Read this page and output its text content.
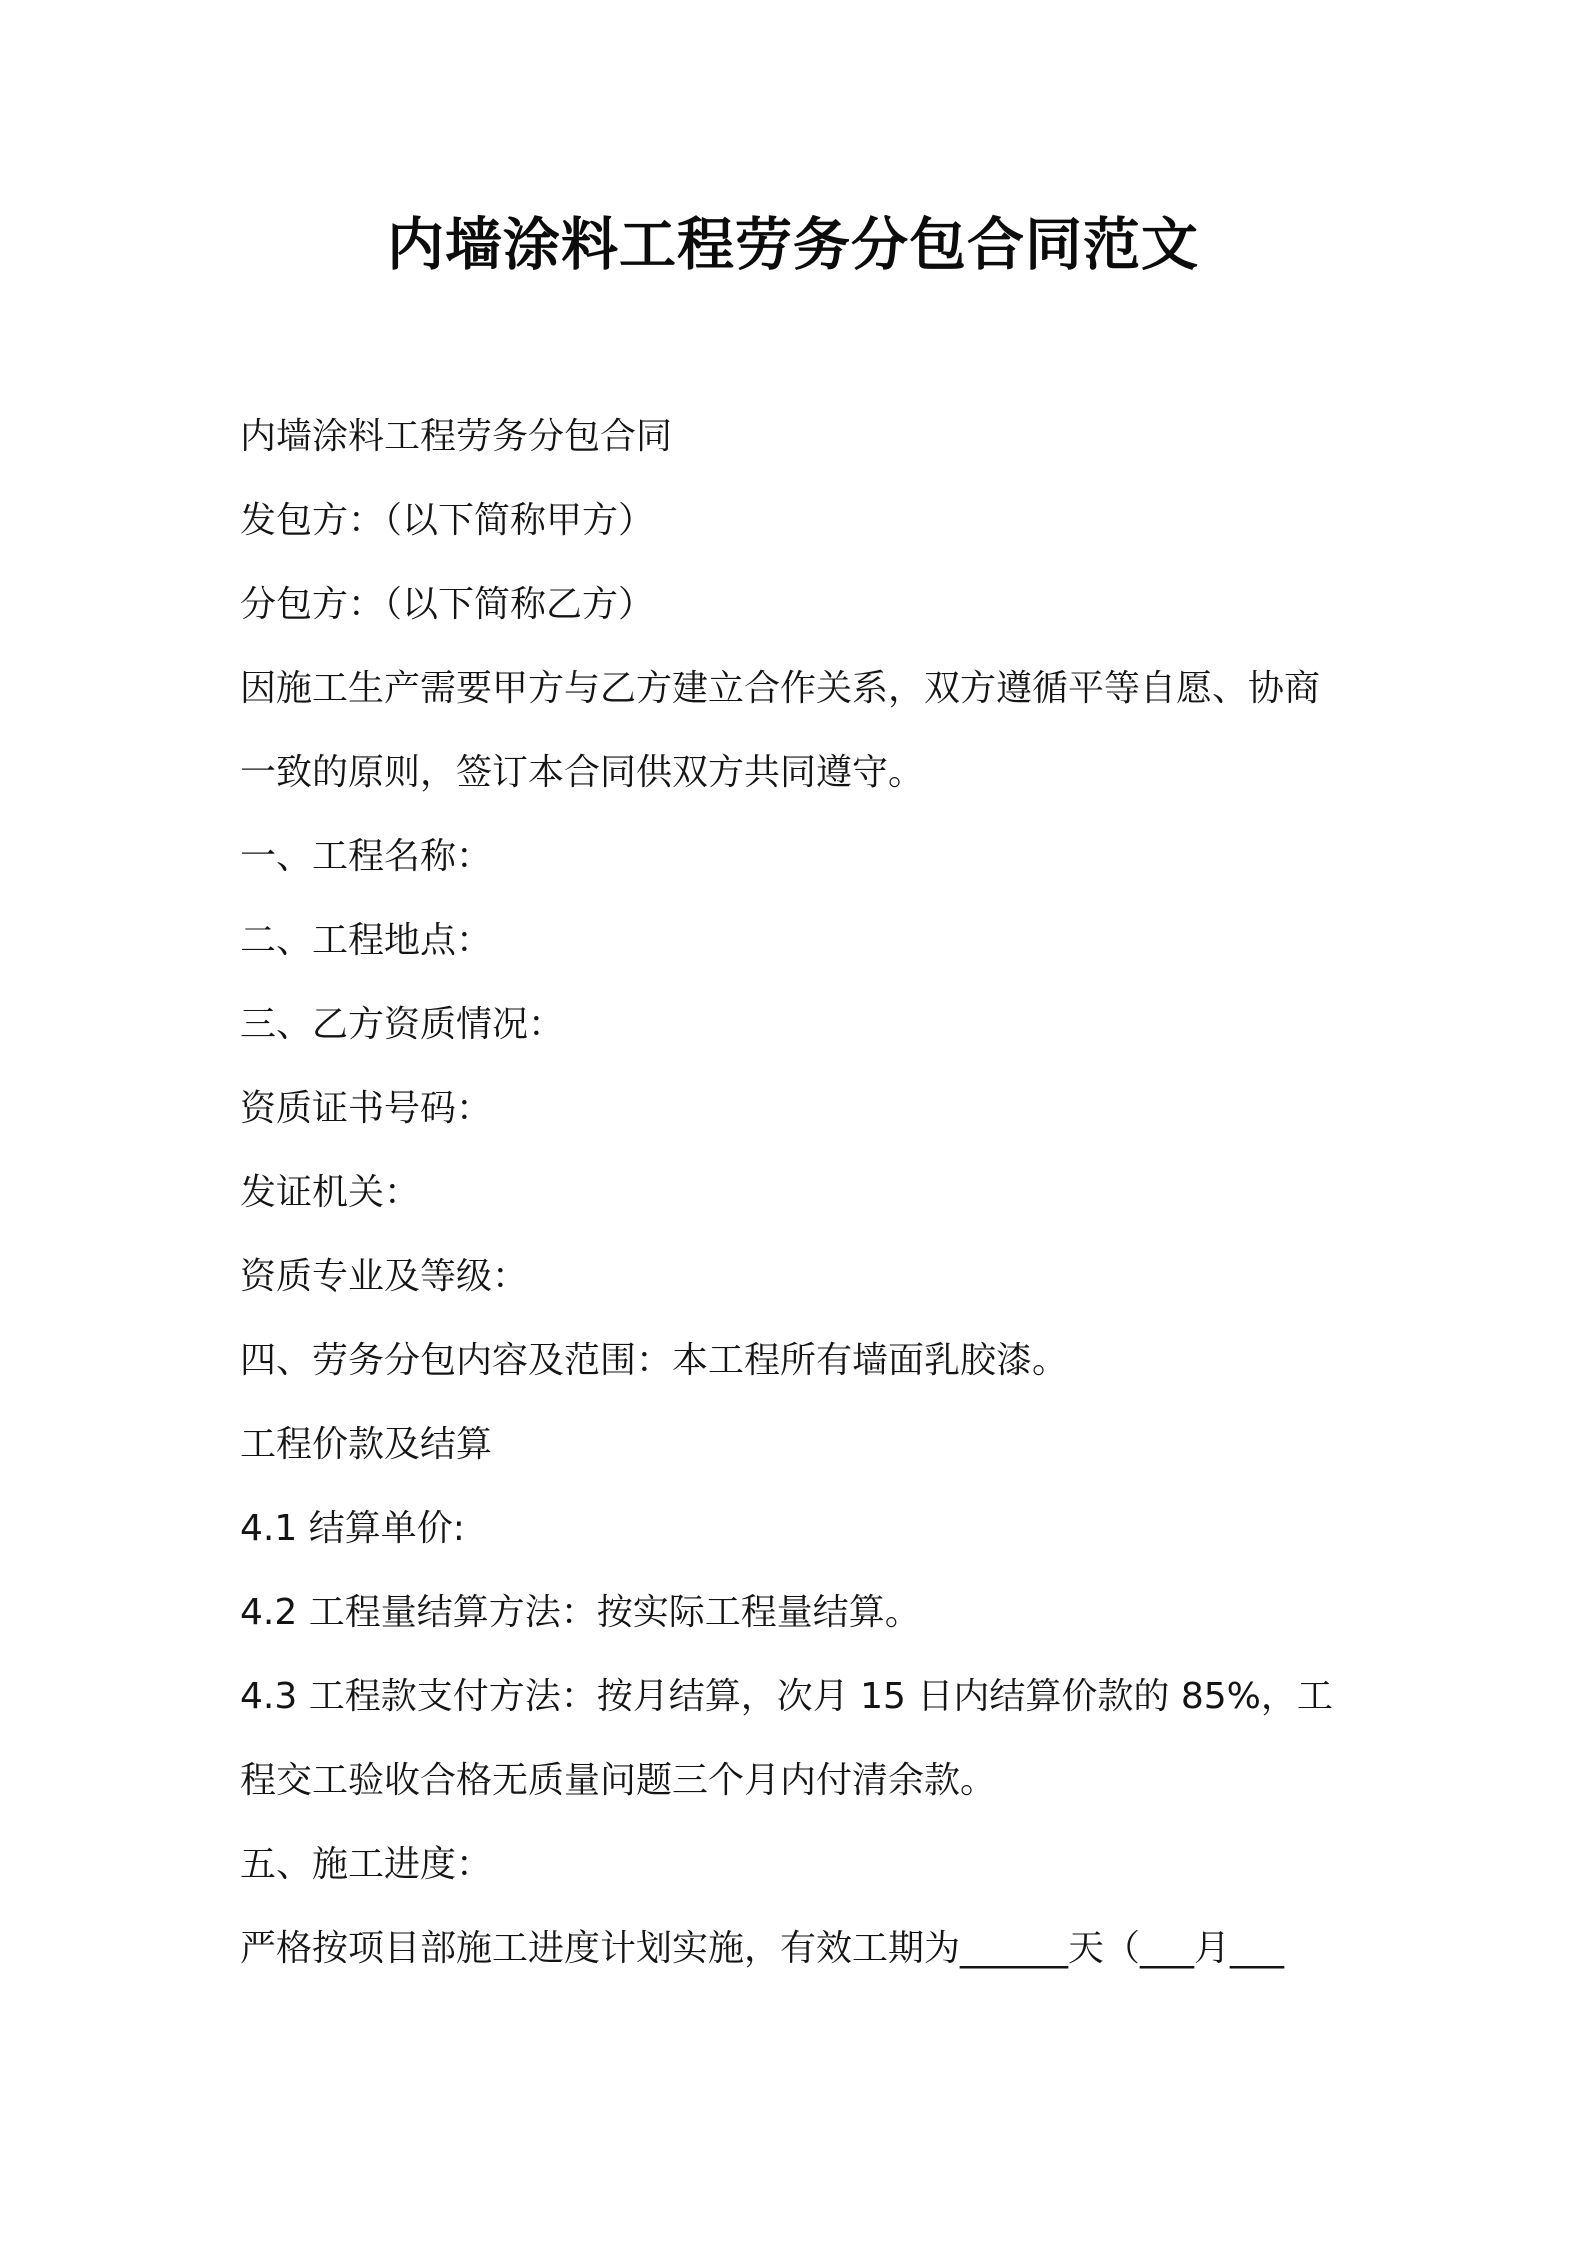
内墙涂料工程劳务分包合同范文
内墙涂料工程劳务分包合同
发包方：（以下简称甲方）
分包方：（以下简称乙方）
因施工生产需要甲方与乙方建立合作关系，双方遵循平等自愿、协商
一致的原则，签订本合同供双方共同遵守。
一、工程名称：
二、工程地点：
三、乙方资质情况：
资质证书号码：
发证机关：
资质专业及等级：
四、劳务分包内容及范围：本工程所有墙面乳胶漆。
工程价款及结算
4.1 结算单价:
4.2 工程量结算方法：按实际工程量结算。
4.3 工程款支付方法：按月结算，次月 15 日内结算价款的 85%，工
程交工验收合格无质量问题三个月内付清余款。
五、施工进度：
严格按项目部施工进度计划实施，有效工期为______天（___月___
